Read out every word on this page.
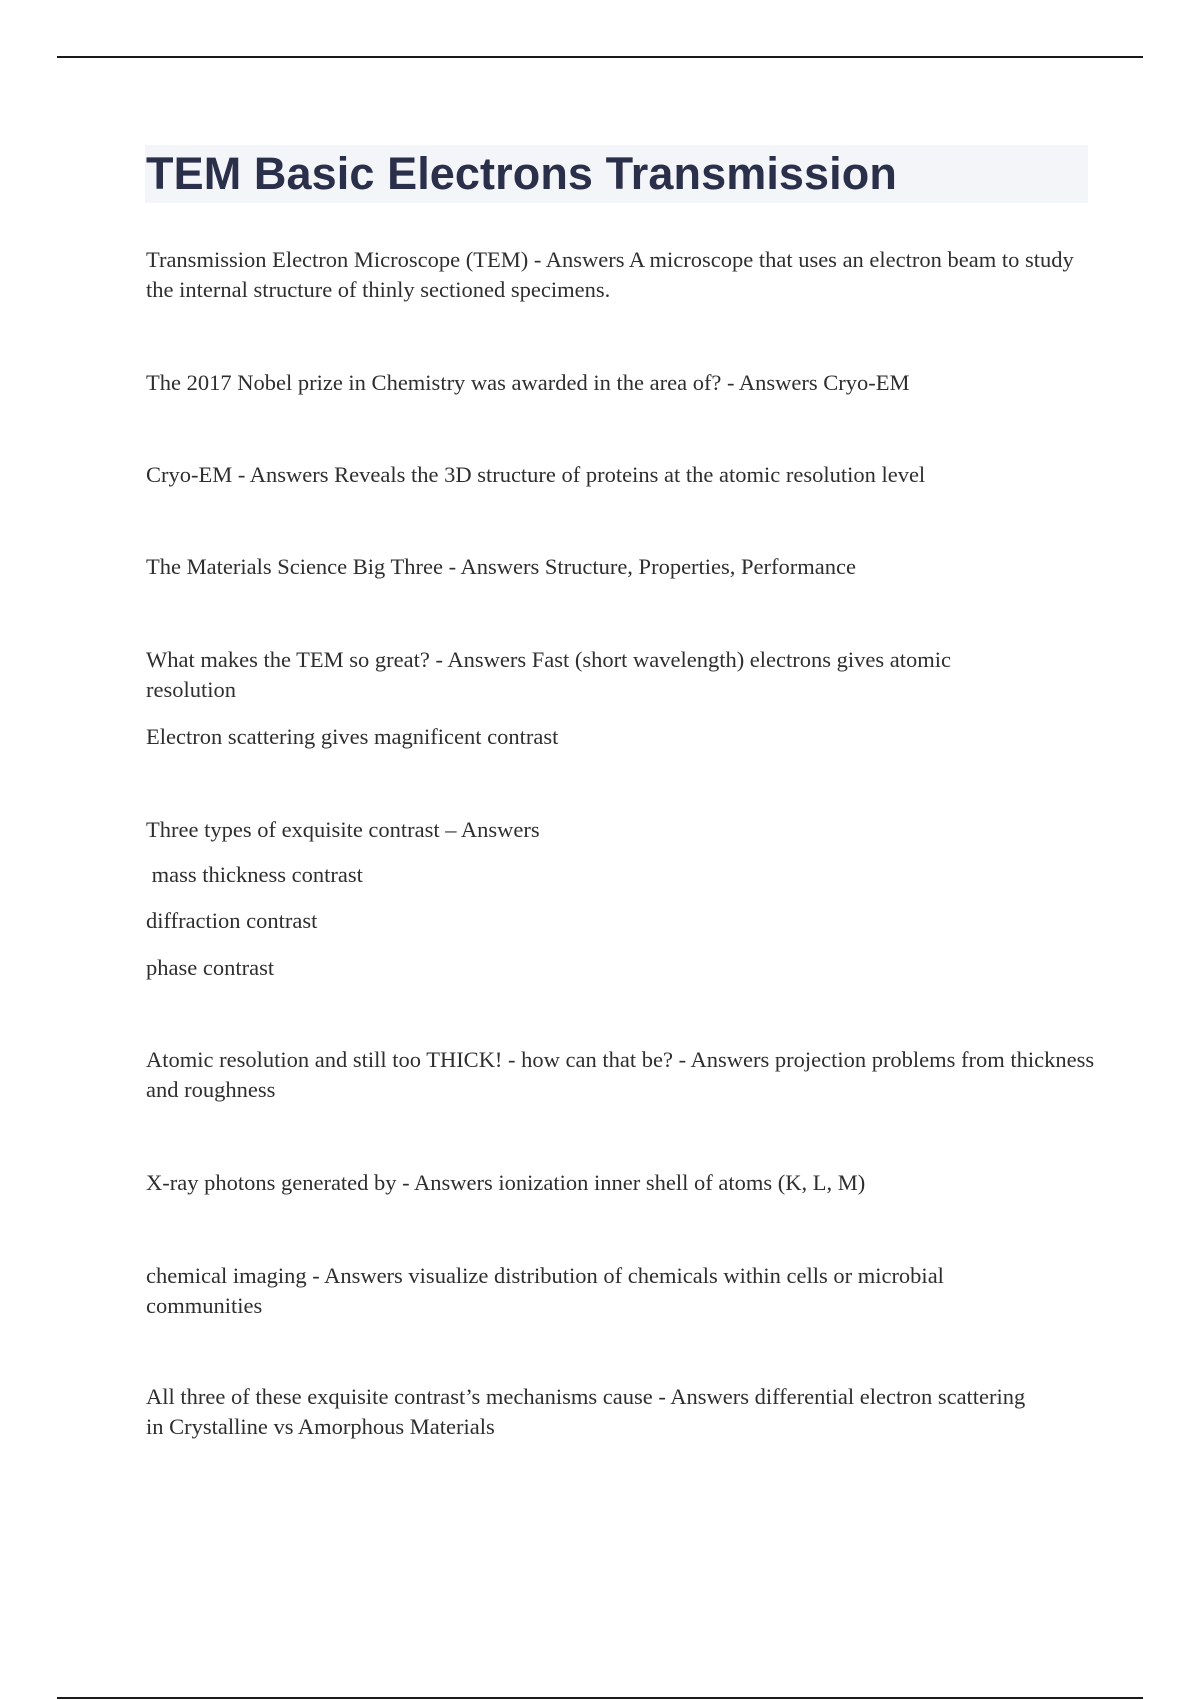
TEM Basic Electrons Transmission

Transmission Electron Microscope (TEM) - Answers A microscope that uses an electron beam to study the internal structure of thinly sectioned specimens.

The 2017 Nobel prize in Chemistry was awarded in the area of? - Answers Cryo-EM

Cryo-EM - Answers Reveals the 3D structure of proteins at the atomic resolution level

The Materials Science Big Three - Answers Structure, Properties, Performance

What makes the TEM so great? - Answers Fast (short wavelength) electrons gives atomic resolution

Electron scattering gives magnificent contrast

Three types of exquisite contrast – Answers

mass thickness contrast

diffraction contrast

phase contrast

Atomic resolution and still too THICK! - how can that be? - Answers projection problems from thickness and roughness

X-ray photons generated by - Answers ionization inner shell of atoms (K, L, M)

chemical imaging - Answers visualize distribution of chemicals within cells or microbial communities

All three of these exquisite contrast’s mechanisms cause - Answers differential electron scattering in Crystalline vs Amorphous Materials
